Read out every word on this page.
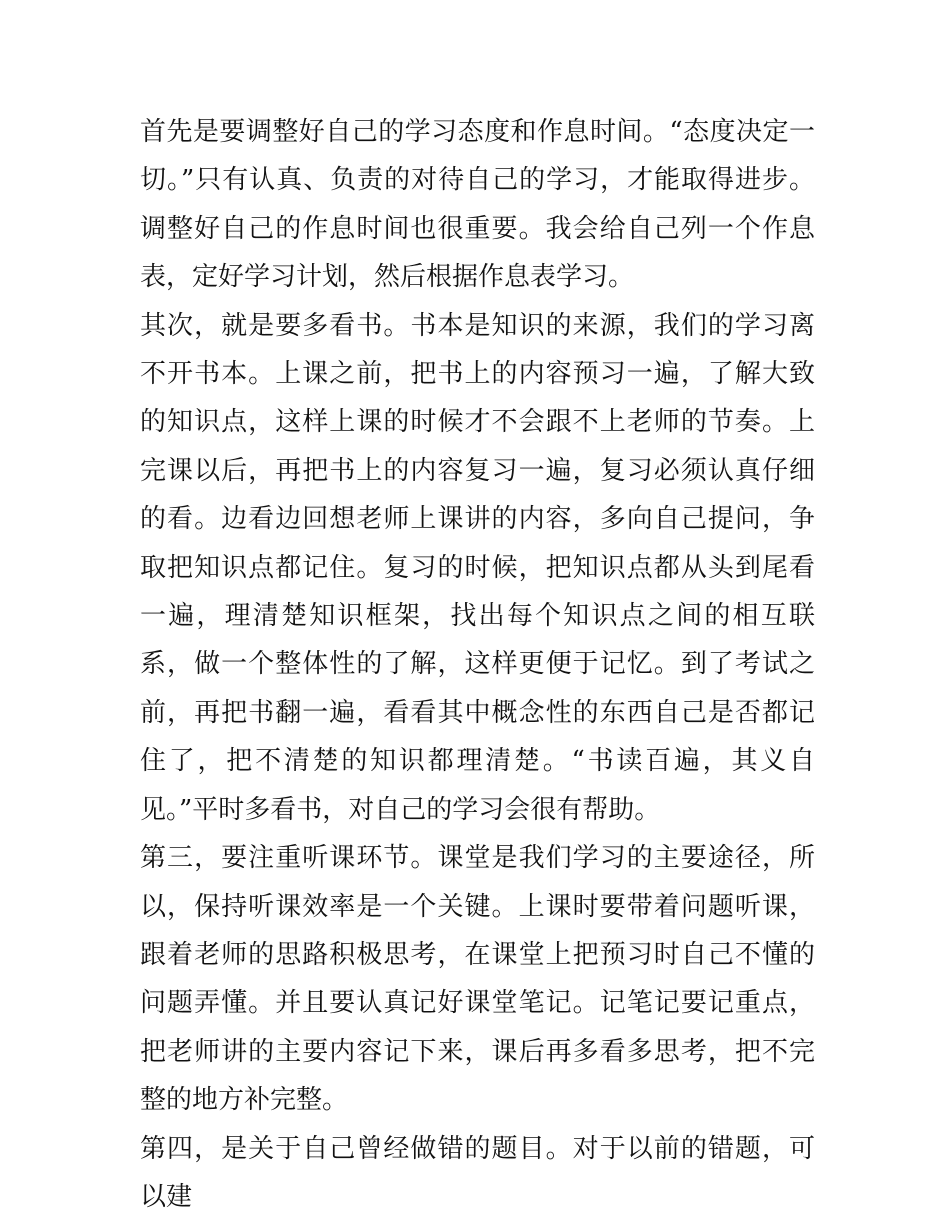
首先是要调整好自己的学习态度和作息时间。“态度决定一切。”只有认真、负责的对待自己的学习，才能取得进步。调整好自己的作息时间也很重要。我会给自己列一个作息表，定好学习计划，然后根据作息表学习。

其次，就是要多看书。书本是知识的来源，我们的学习离不开书本。上课之前，把书上的内容预习一遍，了解大致的知识点，这样上课的时候才不会跟不上老师的节奏。上完课以后，再把书上的内容复习一遍，复习必须认真仔细的看。边看边回想老师上课讲的内容，多向自己提问，争取把知识点都记住。复习的时候，把知识点都从头到尾看一遍，理清楚知识框架，找出每个知识点之间的相互联系，做一个整体性的了解，这样更便于记忆。到了考试之前，再把书翻一遍，看看其中概念性的东西自己是否都记住了，把不清楚的知识都理清楚。“书读百遍，其义自见。”平时多看书，对自己的学习会很有帮助。

第三，要注重听课环节。课堂是我们学习的主要途径，所以，保持听课效率是一个关键。上课时要带着问题听课，跟着老师的思路积极思考，在课堂上把预习时自己不懂的问题弄懂。并且要认真记好课堂笔记。记笔记要记重点，把老师讲的主要内容记下来，课后再多看多思考，把不完整的地方补完整。

第四，是关于自己曾经做错的题目。对于以前的错题，可以建
